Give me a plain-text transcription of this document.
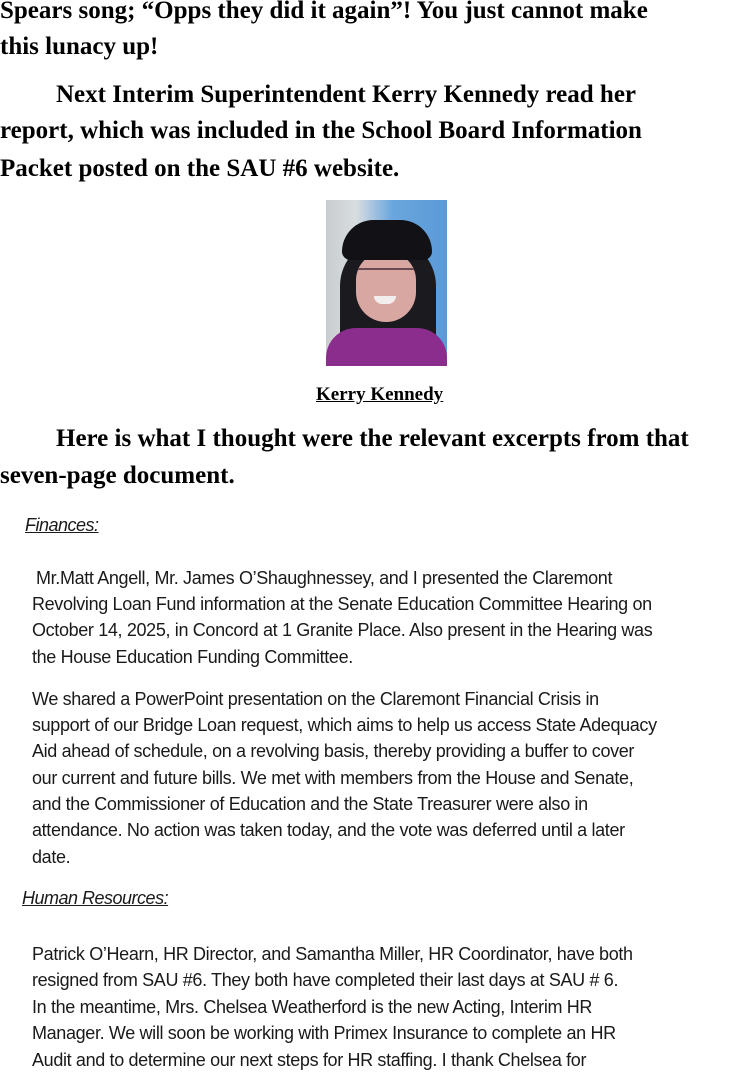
Spears song; “Opps they did it again”! You just cannot make
this lunacy up!
Next Interim Superintendent Kerry Kennedy read her
report, which was included in the School Board Information
Packet posted on the SAU #6 website.
Kerry Kennedy
Here is what I thought were the relevant excerpts from that
seven-page document.
Finances:
Mr.Matt Angell, Mr. James O’Shaughnessey, and I presented the Claremont
Revolving Loan Fund information at the Senate Education Committee Hearing on
October 14, 2025, in Concord at 1 Granite Place. Also present in the Hearing was
the House Education Funding Committee.
We shared a PowerPoint presentation on the Claremont Financial Crisis in
support of our Bridge Loan request, which aims to help us access State Adequacy
Aid ahead of schedule, on a revolving basis, thereby providing a buffer to cover
our current and future bills. We met with members from the House and Senate,
and the Commissioner of Education and the State Treasurer were also in
attendance. No action was taken today, and the vote was deferred until a later
date.
Human Resources:
Patrick O’Hearn, HR Director, and Samantha Miller, HR Coordinator, have both
resigned from SAU #6. They both have completed their last days at SAU # 6.
In the meantime, Mrs. Chelsea Weatherford is the new Acting, Interim HR
Manager. We will soon be working with Primex Insurance to complete an HR
Audit and to determine our next steps for HR staffing. I thank Chelsea for
